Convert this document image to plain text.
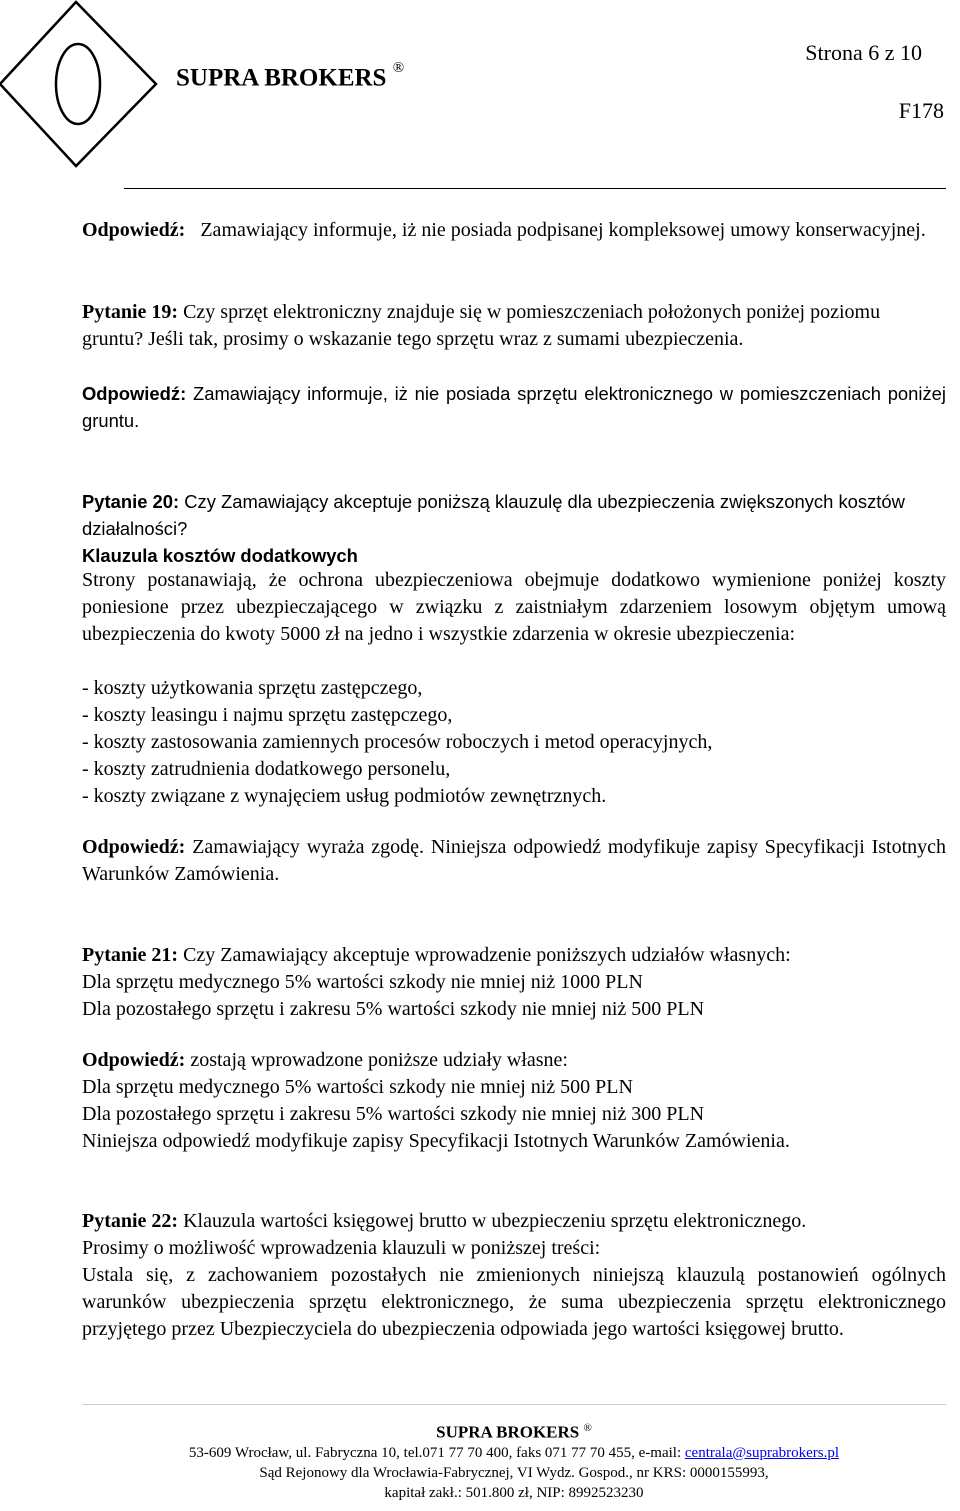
SUPRA BROKERS ®
Strona 6 z 10
F178

Odpowiedź: Zamawiający informuje, iż nie posiada podpisanej kompleksowej umowy konserwacyjnej.

Pytanie 19: Czy sprzęt elektroniczny znajduje się w pomieszczeniach położonych poniżej poziomu gruntu? Jeśli tak, prosimy o wskazanie tego sprzętu wraz z sumami ubezpieczenia.

Odpowiedź: Zamawiający informuje, iż nie posiada sprzętu elektronicznego w pomieszczeniach poniżej gruntu.

Pytanie 20: Czy Zamawiający akceptuje poniższą klauzulę dla ubezpieczenia zwiększonych kosztów działalności?

Klauzula kosztów dodatkowych

Strony postanawiają, że ochrona ubezpieczeniowa obejmuje dodatkowo wymienione poniżej koszty poniesione przez ubezpieczającego w związku z zaistniałym zdarzeniem losowym objętym umową ubezpieczenia do kwoty 5000 zł na jedno i wszystkie zdarzenia w okresie ubezpieczenia:

- koszty użytkowania sprzętu zastępczego,
- koszty leasingu i najmu sprzętu zastępczego,
- koszty zastosowania zamiennych procesów roboczych i metod operacyjnych,
- koszty zatrudnienia dodatkowego personelu,
- koszty związane z wynajęciem usług podmiotów zewnętrznych.

Odpowiedź: Zamawiający wyraża zgodę. Niniejsza odpowiedź modyfikuje zapisy Specyfikacji Istotnych Warunków Zamówienia.

Pytanie 21: Czy Zamawiający akceptuje wprowadzenie poniższych udziałów własnych:
Dla sprzętu medycznego 5% wartości szkody nie mniej niż 1000 PLN
Dla pozostałego sprzętu i zakresu 5% wartości szkody nie mniej niż 500 PLN
Odpowiedź: zostają wprowadzone poniższe udziały własne:
Dla sprzętu medycznego 5% wartości szkody nie mniej niż 500 PLN
Dla pozostałego sprzętu i zakresu 5% wartości szkody nie mniej niż 300 PLN
Niniejsza odpowiedź modyfikuje zapisy Specyfikacji Istotnych Warunków Zamówienia.
Pytanie 22: Klauzula wartości księgowej brutto w ubezpieczeniu sprzętu elektronicznego.
Prosimy o możliwość wprowadzenia klauzuli w poniższej treści:

Ustala się, z zachowaniem pozostałych nie zmienionych niniejszą klauzulą postanowień ogólnych warunków ubezpieczenia sprzętu elektronicznego, że suma ubezpieczenia sprzętu elektronicznego przyjętego przez Ubezpieczyciela do ubezpieczenia odpowiada jego wartości księgowej brutto.

SUPRA BROKERS ®
53-609 Wrocław, ul. Fabryczna 10, tel.071 77 70 400, faks 071 77 70 455, e-mail: centrala@suprabrokers.pl
Sąd Rejonowy dla Wrocławia-Fabrycznej, VI Wydz. Gospod., nr KRS: 0000155993,
kapitał zakł.: 501.800 zł, NIP: 8992523230
